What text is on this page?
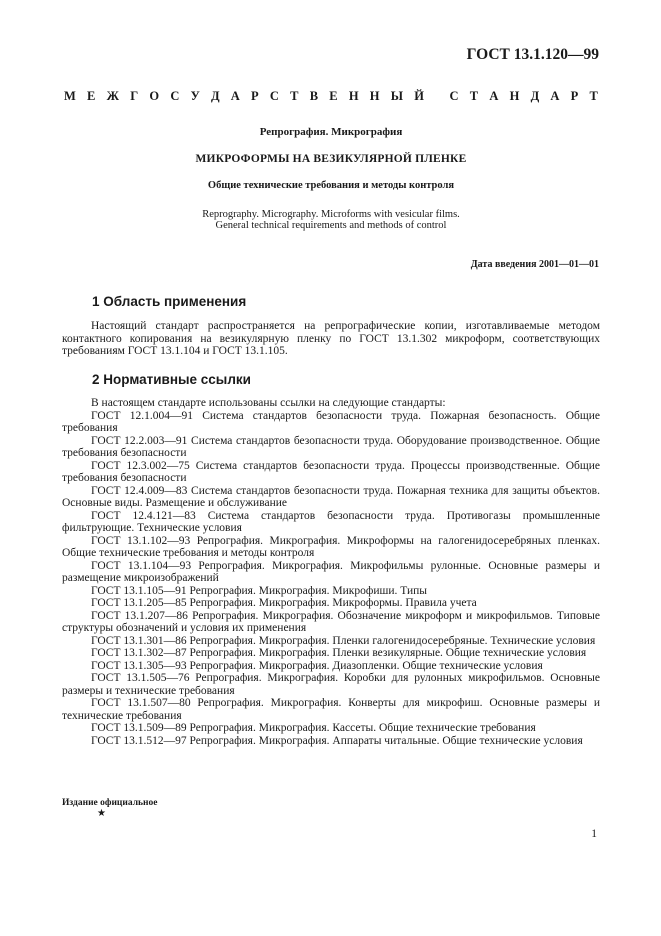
ГОСТ 13.1.120—99
М Е Ж Г О С У Д А Р С Т В Е Н Н Ы Й
С Т А Н Д А Р Т
Репрография. Микрография
МИКРОФОРМЫ НА ВЕЗИКУЛЯРНОЙ ПЛЕНКЕ
Общие технические требования и методы контроля
Reprography. Micrography. Microforms with vesicular films.
General technical requirements and methods of control
Дата введения 2001—01—01
1 Область применения

Настоящий стандарт распространяется на репрографические копии, изготавливаемые методом контактного копирования на везикулярную пленку по ГОСТ 13.1.302 микроформ, соответствующих требованиям ГОСТ 13.1.104 и ГОСТ 13.1.105.

2 Нормативные ссылки

В настоящем стандарте использованы ссылки на следующие стандарты:

ГОСТ 12.1.004—91 Система стандартов безопасности труда. Пожарная безопасность. Общие требования

ГОСТ 12.2.003—91 Система стандартов безопасности труда. Оборудование производственное. Общие требования безопасности

ГОСТ 12.3.002—75 Система стандартов безопасности труда. Процессы производственные. Общие требования безопасности

ГОСТ 12.4.009—83 Система стандартов безопасности труда. Пожарная техника для защиты объектов. Основные виды. Размещение и обслуживание

ГОСТ 12.4.121—83 Система стандартов безопасности труда. Противогазы промышленные фильтрующие. Технические условия

ГОСТ 13.1.102—93 Репрография. Микрография. Микроформы на галогенидосеребряных пленках. Общие технические требования и методы контроля

ГОСТ 13.1.104—93 Репрография. Микрография. Микрофильмы рулонные. Основные размеры и размещение микроизображений

ГОСТ 13.1.105—91 Репрография. Микрография. Микрофиши. Типы

ГОСТ 13.1.205—85 Репрография. Микрография. Микроформы. Правила учета

ГОСТ 13.1.207—86 Репрография. Микрография. Обозначение микроформ и микрофильмов. Типовые структуры обозначений и условия их применения

ГОСТ 13.1.301—86 Репрография. Микрография. Пленки галогенидосеребряные. Технические условия

ГОСТ 13.1.302—87 Репрография. Микрография. Пленки везикулярные. Общие технические условия

ГОСТ 13.1.305—93 Репрография. Микрография. Диазопленки. Общие технические условия

ГОСТ 13.1.505—76 Репрография. Микрография. Коробки для рулонных микрофильмов. Основные размеры и технические требования

ГОСТ 13.1.507—80 Репрография. Микрография. Конверты для микрофиш. Основные размеры и технические требования

ГОСТ 13.1.509—89 Репрография. Микрография. Кассеты. Общие технические требования

ГОСТ 13.1.512—97 Репрография. Микрография. Аппараты читальные. Общие технические условия

Издание официальное
★
1
